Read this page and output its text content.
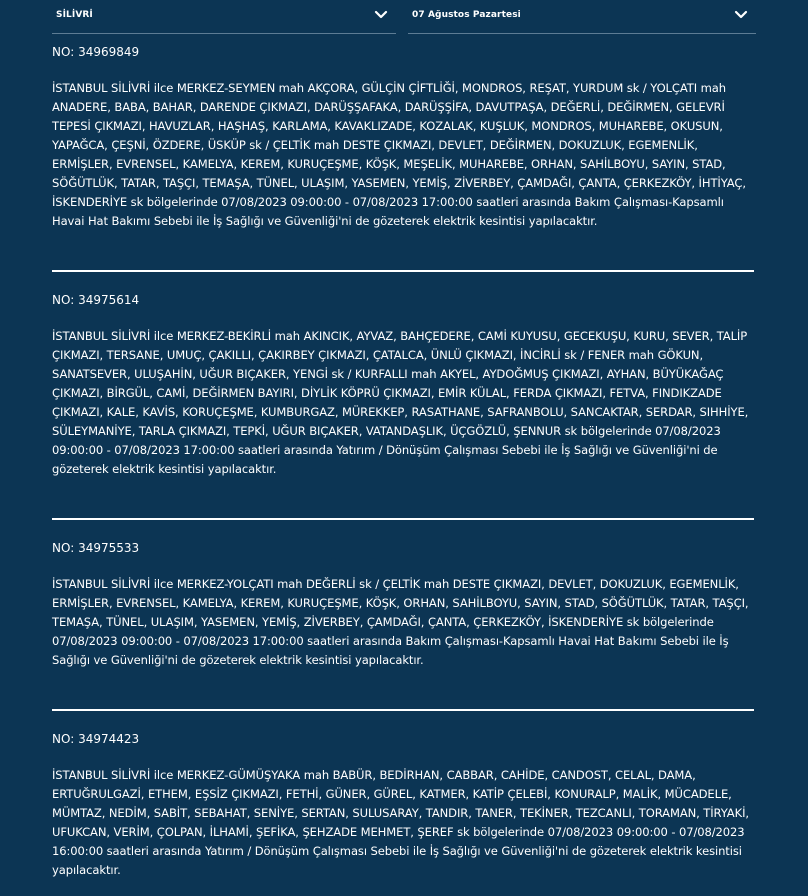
SİLİVRİ	07 Ağustos Pazartesi
NO: 34969849
İSTANBUL SİLİVRİ ilce MERKEZ-SEYMEN mah AKÇORA, GÜLÇİN ÇİFTLİĞİ, MONDROS, REŞAT, YURDUM sk / YOLÇATI mah ANADERE, BABA, BAHAR, DARENDE ÇIKMAZI, DARÜŞŞAFAKA, DARÜŞŞİFA, DAVUTPAŞA, DEĞERLİ, DEĞİRMEN, GELEVRİ TEPESİ ÇIKMAZI, HAVUZLAR, HAŞHAŞ, KARLAMA, KAVAKLIZADE, KOZALAK, KUŞLUK, MONDROS, MUHAREBE, OKUSUN, YAPAĞCA, ÇEŞNİ, ÖZDERE, ÜSKÜP sk / ÇELTİK mah DESTE ÇIKMAZI, DEVLET, DEĞİRMEN, DOKUZLUK, EGEMENLİK, ERMİŞLER, EVRENSEL, KAMELYA, KEREM, KURUÇEŞME, KÖŞK, MEŞELİK, MUHAREBE, ORHAN, SAHİLBOYU, SAYIN, STAD, SÖĞÜTLÜK, TATAR, TAŞÇI, TEMAŞA, TÜNEL, ULAŞIM, YASEMEN, YEMİŞ, ZİVERBEY, ÇAMDAĞI, ÇANTA, ÇERKEZKÖY, İHTİYAÇ, İSKENDERİYE sk bölgelerinde 07/08/2023 09:00:00 - 07/08/2023 17:00:00 saatleri arasında Bakım Çalışması-Kapsamlı Havai Hat Bakımı Sebebi ile İş Sağlığı ve Güvenliği'ni de gözeterek elektrik kesintisi yapılacaktır.
NO: 34975614
İSTANBUL SİLİVRİ ilce MERKEZ-BEKİRLİ mah AKINCIK, AYVAZ, BAHÇEDERE, CAMİ KUYUSU, GECEKUŞU, KURU, SEVER, TALİP ÇIKMAZI, TERSANE, UMUÇ, ÇAKILLI, ÇAKIRBEY ÇIKMAZI, ÇATALCA, ÜNLÜ ÇIKMAZI, İNCİRLİ sk / FENER mah GÖKUN, SANATSEVER, ULUŞAHİN, UĞUR BIÇAKER, YENGİ sk / KURFALLI mah AKYEL, AYDOĞMUŞ ÇIKMAZI, AYHAN, BÜYÜKAĞAÇ ÇIKMAZI, BİRGÜL, CAMİ, DEĞİRMEN BAYIRI, DİYLİK KÖPRÜ ÇIKMAZI, EMİR KÜLAL, FERDA ÇIKMAZI, FETVA, FINDIKZADE ÇIKMAZI, KALE, KAVİS, KORUÇEŞME, KUMBURGAZ, MÜREKKEP, RASATHANE, SAFRANBOLU, SANCAKTAR, SERDAR, SIHHİYE, SÜLEYMANİYE, TARLA ÇIKMAZI, TEPKİ, UĞUR BIÇAKER, VATANDAŞLIK, ÜÇGÖZLÜ, ŞENNUR sk bölgelerinde 07/08/2023 09:00:00 - 07/08/2023 17:00:00 saatleri arasında Yatırım / Dönüşüm Çalışması Sebebi ile İş Sağlığı ve Güvenliği'ni de gözeterek elektrik kesintisi yapılacaktır.
NO: 34975533
İSTANBUL SİLİVRİ ilce MERKEZ-YOLÇATI mah DEĞERLİ sk / ÇELTİK mah DESTE ÇIKMAZI, DEVLET, DOKUZLUK, EGEMENLİK, ERMİŞLER, EVRENSEL, KAMELYA, KEREM, KURUÇEŞME, KÖŞK, ORHAN, SAHİLBOYU, SAYIN, STAD, SÖĞÜTLÜK, TATAR, TAŞÇI, TEMAŞA, TÜNEL, ULAŞIM, YASEMEN, YEMİŞ, ZİVERBEY, ÇAMDAĞI, ÇANTA, ÇERKEZKÖY, İSKENDERİYE sk bölgelerinde 07/08/2023 09:00:00 - 07/08/2023 17:00:00 saatleri arasında Bakım Çalışması-Kapsamlı Havai Hat Bakımı Sebebi ile İş Sağlığı ve Güvenliği'ni de gözeterek elektrik kesintisi yapılacaktır.
NO: 34974423
İSTANBUL SİLİVRİ ilce MERKEZ-GÜMÜŞYAKA mah BABÜR, BEDİRHAN, CABBAR, CAHİDE, CANDOST, CELAL, DAMA, ERTUĞRULGAZİ, ETHEM, EŞSİZ ÇIKMAZI, FETHİ, GÜNER, GÜREL, KATMER, KATİP ÇELEBİ, KONURALP, MALİK, MÜCADELE, MÜMTAZ, NEDİM, SABİT, SEBAHAT, SENİYE, SERTAN, SULUSARAY, TANDIR, TANER, TEKİNER, TEZCANLI, TORAMAN, TİRYAKİ, UFUKCAN, VERİM, ÇOLPAN, İLHAMİ, ŞEFİKA, ŞEHZADE MEHMET, ŞEREF sk bölgelerinde 07/08/2023 09:00:00 - 07/08/2023 16:00:00 saatleri arasında Yatırım / Dönüşüm Çalışması Sebebi ile İş Sağlığı ve Güvenliği'ni de gözeterek elektrik kesintisi yapılacaktır.
